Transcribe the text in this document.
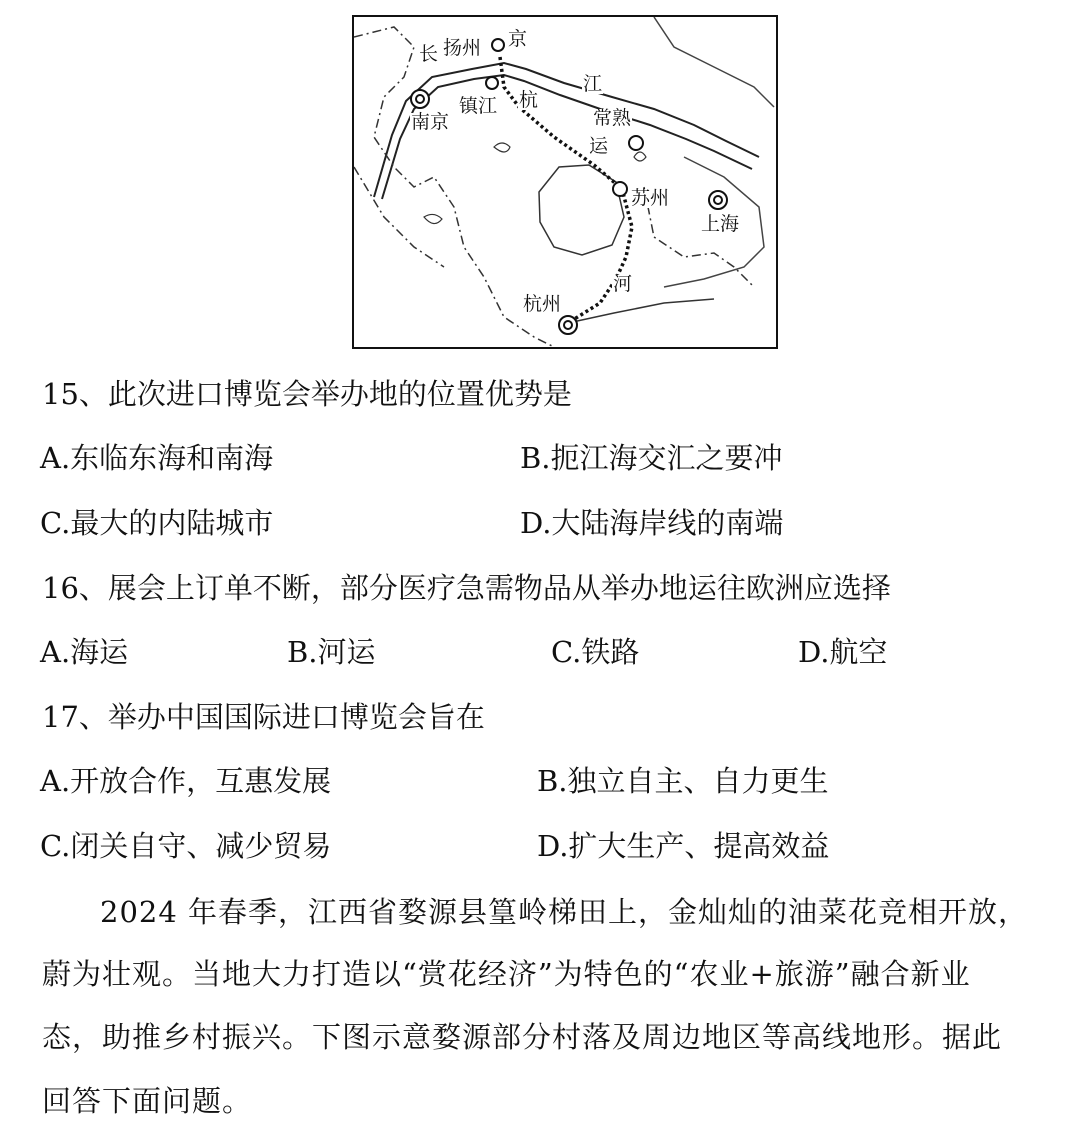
长 扬州 京
镇江 杭
南京
江
常熟
运
苏州
上海
河
杭州
15、此次进口博览会举办地的位置优势是
A.东临东海和南海	B.扼江海交汇之要冲
C.最大的内陆城市	D.大陆海岸线的南端
16、展会上订单不断，部分医疗急需物品从举办地运往欧洲应选择
A.海运	B.河运	C.铁路	D.航空
17、举办中国国际进口博览会旨在
A.开放合作，互惠发展	B.独立自主、自力更生
C.闭关自守、减少贸易	D.扩大生产、提高效益
2024 年春季，江西省婺源县篁岭梯田上，金灿灿的油菜花竞相开放，
蔚为壮观。当地大力打造以“赏花经济”为特色的“农业+旅游”融合新业
态，助推乡村振兴。下图示意婺源部分村落及周边地区等高线地形。据此
回答下面问题。
